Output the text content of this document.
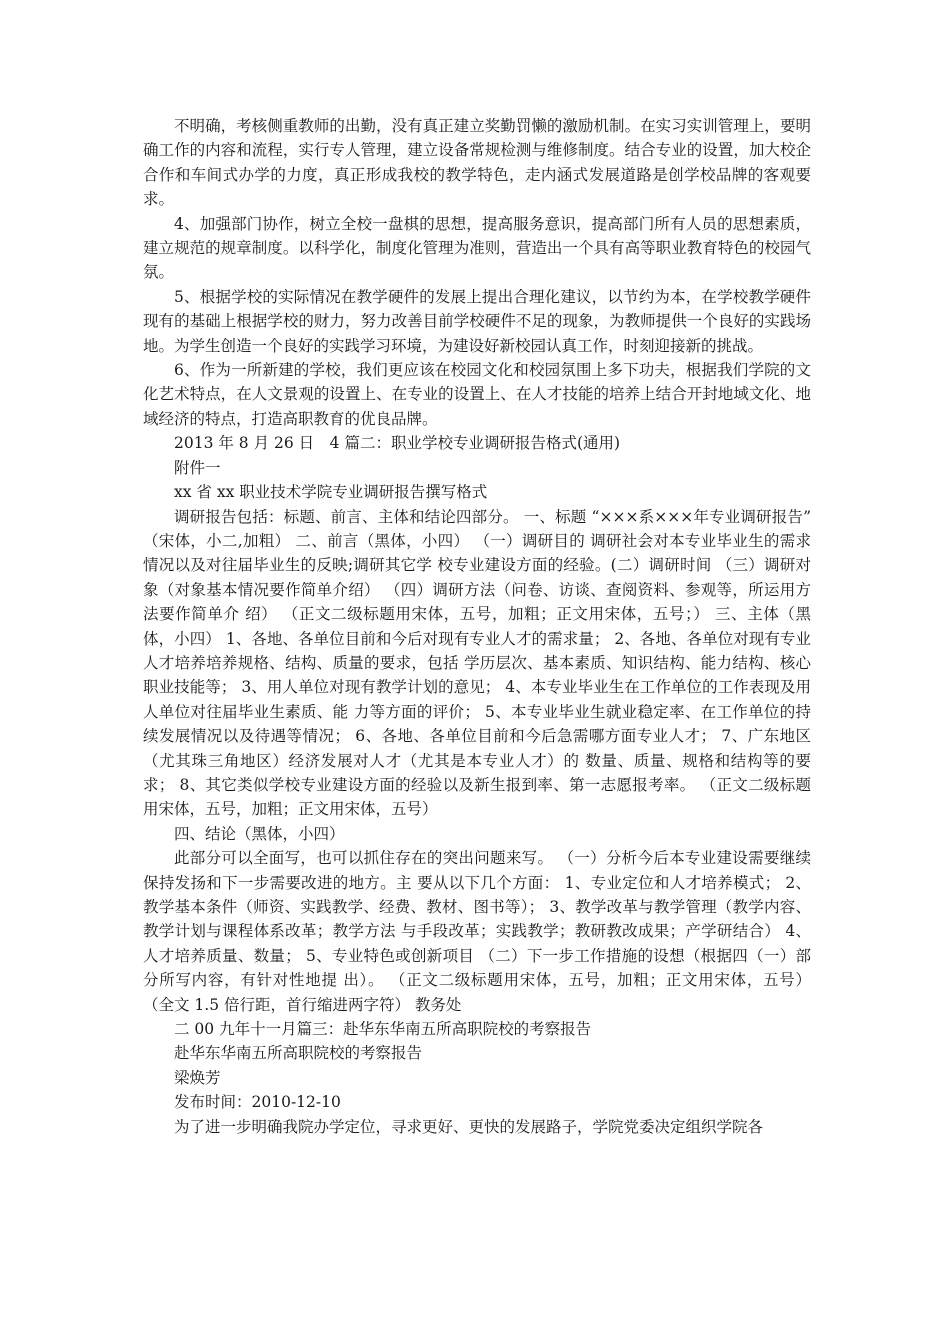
不明确，考核侧重教师的出勤，没有真正建立奖勤罚懒的激励机制。在实习实训管理上，要明确工作的内容和流程，实行专人管理，建立设备常规检测与维修制度。结合专业的设置，加大校企合作和车间式办学的力度，真正形成我校的教学特色，走内涵式发展道路是创学校品牌的客观要求。

4、加强部门协作，树立全校一盘棋的思想，提高服务意识，提高部门所有人员的思想素质，建立规范的规章制度。以科学化，制度化管理为准则，营造出一个具有高等职业教育特色的校园气氛。

5、根据学校的实际情况在教学硬件的发展上提出合理化建议，以节约为本，在学校教学硬件现有的基础上根据学校的财力，努力改善目前学校硬件不足的现象，为教师提供一个良好的实践场地。为学生创造一个良好的实践学习环境，为建设好新校园认真工作，时刻迎接新的挑战。

6、作为一所新建的学校，我们更应该在校园文化和校园氛围上多下功夫，根据我们学院的文化艺术特点，在人文景观的设置上、在专业的设置上、在人才技能的培养上结合开封地域文化、地域经济的特点，打造高职教育的优良品牌。

2013 年 8 月 26 日　4 篇二：职业学校专业调研报告格式(通用)

附件一

xx 省 xx 职业技术学院专业调研报告撰写格式

调研报告包括：标题、前言、主体和结论四部分。 一、标题 “×××系×××年专业调研报告” （宋体，小二,加粗） 二、前言（黑体，小四） （一）调研目的 调研社会对本专业毕业生的需求情况以及对往届毕业生的反映;调研其它学 校专业建设方面的经验。(二）调研时间 （三）调研对象（对象基本情况要作简单介绍） （四）调研方法（问卷、访谈、查阅资料、参观等，所运用方法要作简单介 绍） （正文二级标题用宋体，五号，加粗；正文用宋体，五号；） 三、主体（黑体，小四） 1、各地、各单位目前和今后对现有专业人才的需求量； 2、各地、各单位对现有专业人才培养培养规格、结构、质量的要求，包括 学历层次、基本素质、知识结构、能力结构、核心职业技能等； 3、用人单位对现有教学计划的意见； 4、本专业毕业生在工作单位的工作表现及用人单位对往届毕业生素质、能 力等方面的评价； 5、本专业毕业生就业稳定率、在工作单位的持续发展情况以及待遇等情况； 6、各地、各单位目前和今后急需哪方面专业人才； 7、广东地区（尤其珠三角地区）经济发展对人才（尤其是本专业人才）的 数量、质量、规格和结构等的要求； 8、其它类似学校专业建设方面的经验以及新生报到率、第一志愿报考率。 （正文二级标题用宋体，五号，加粗；正文用宋体，五号）

四、结论（黑体，小四）

此部分可以全面写，也可以抓住存在的突出问题来写。 （一）分析今后本专业建设需要继续保持发扬和下一步需要改进的地方。主 要从以下几个方面： 1、专业定位和人才培养模式； 2、教学基本条件（师资、实践教学、经费、教材、图书等）； 3、教学改革与教学管理（教学内容、教学计划与课程体系改革；教学方法 与手段改革；实践教学；教研教改成果；产学研结合） 4、人才培养质量、数量； 5、专业特色或创新项目 （二）下一步工作措施的设想（根据四（一）部分所写内容，有针对性地提 出）。 （正文二级标题用宋体，五号，加粗；正文用宋体，五号） （全文 1.5 倍行距，首行缩进两字符） 教务处

二 00 九年十一月篇三：赴华东华南五所高职院校的考察报告

赴华东华南五所高职院校的考察报告

梁焕芳

发布时间：2010-12-10

为了进一步明确我院办学定位，寻求更好、更快的发展路子，学院党委决定组织学院各
